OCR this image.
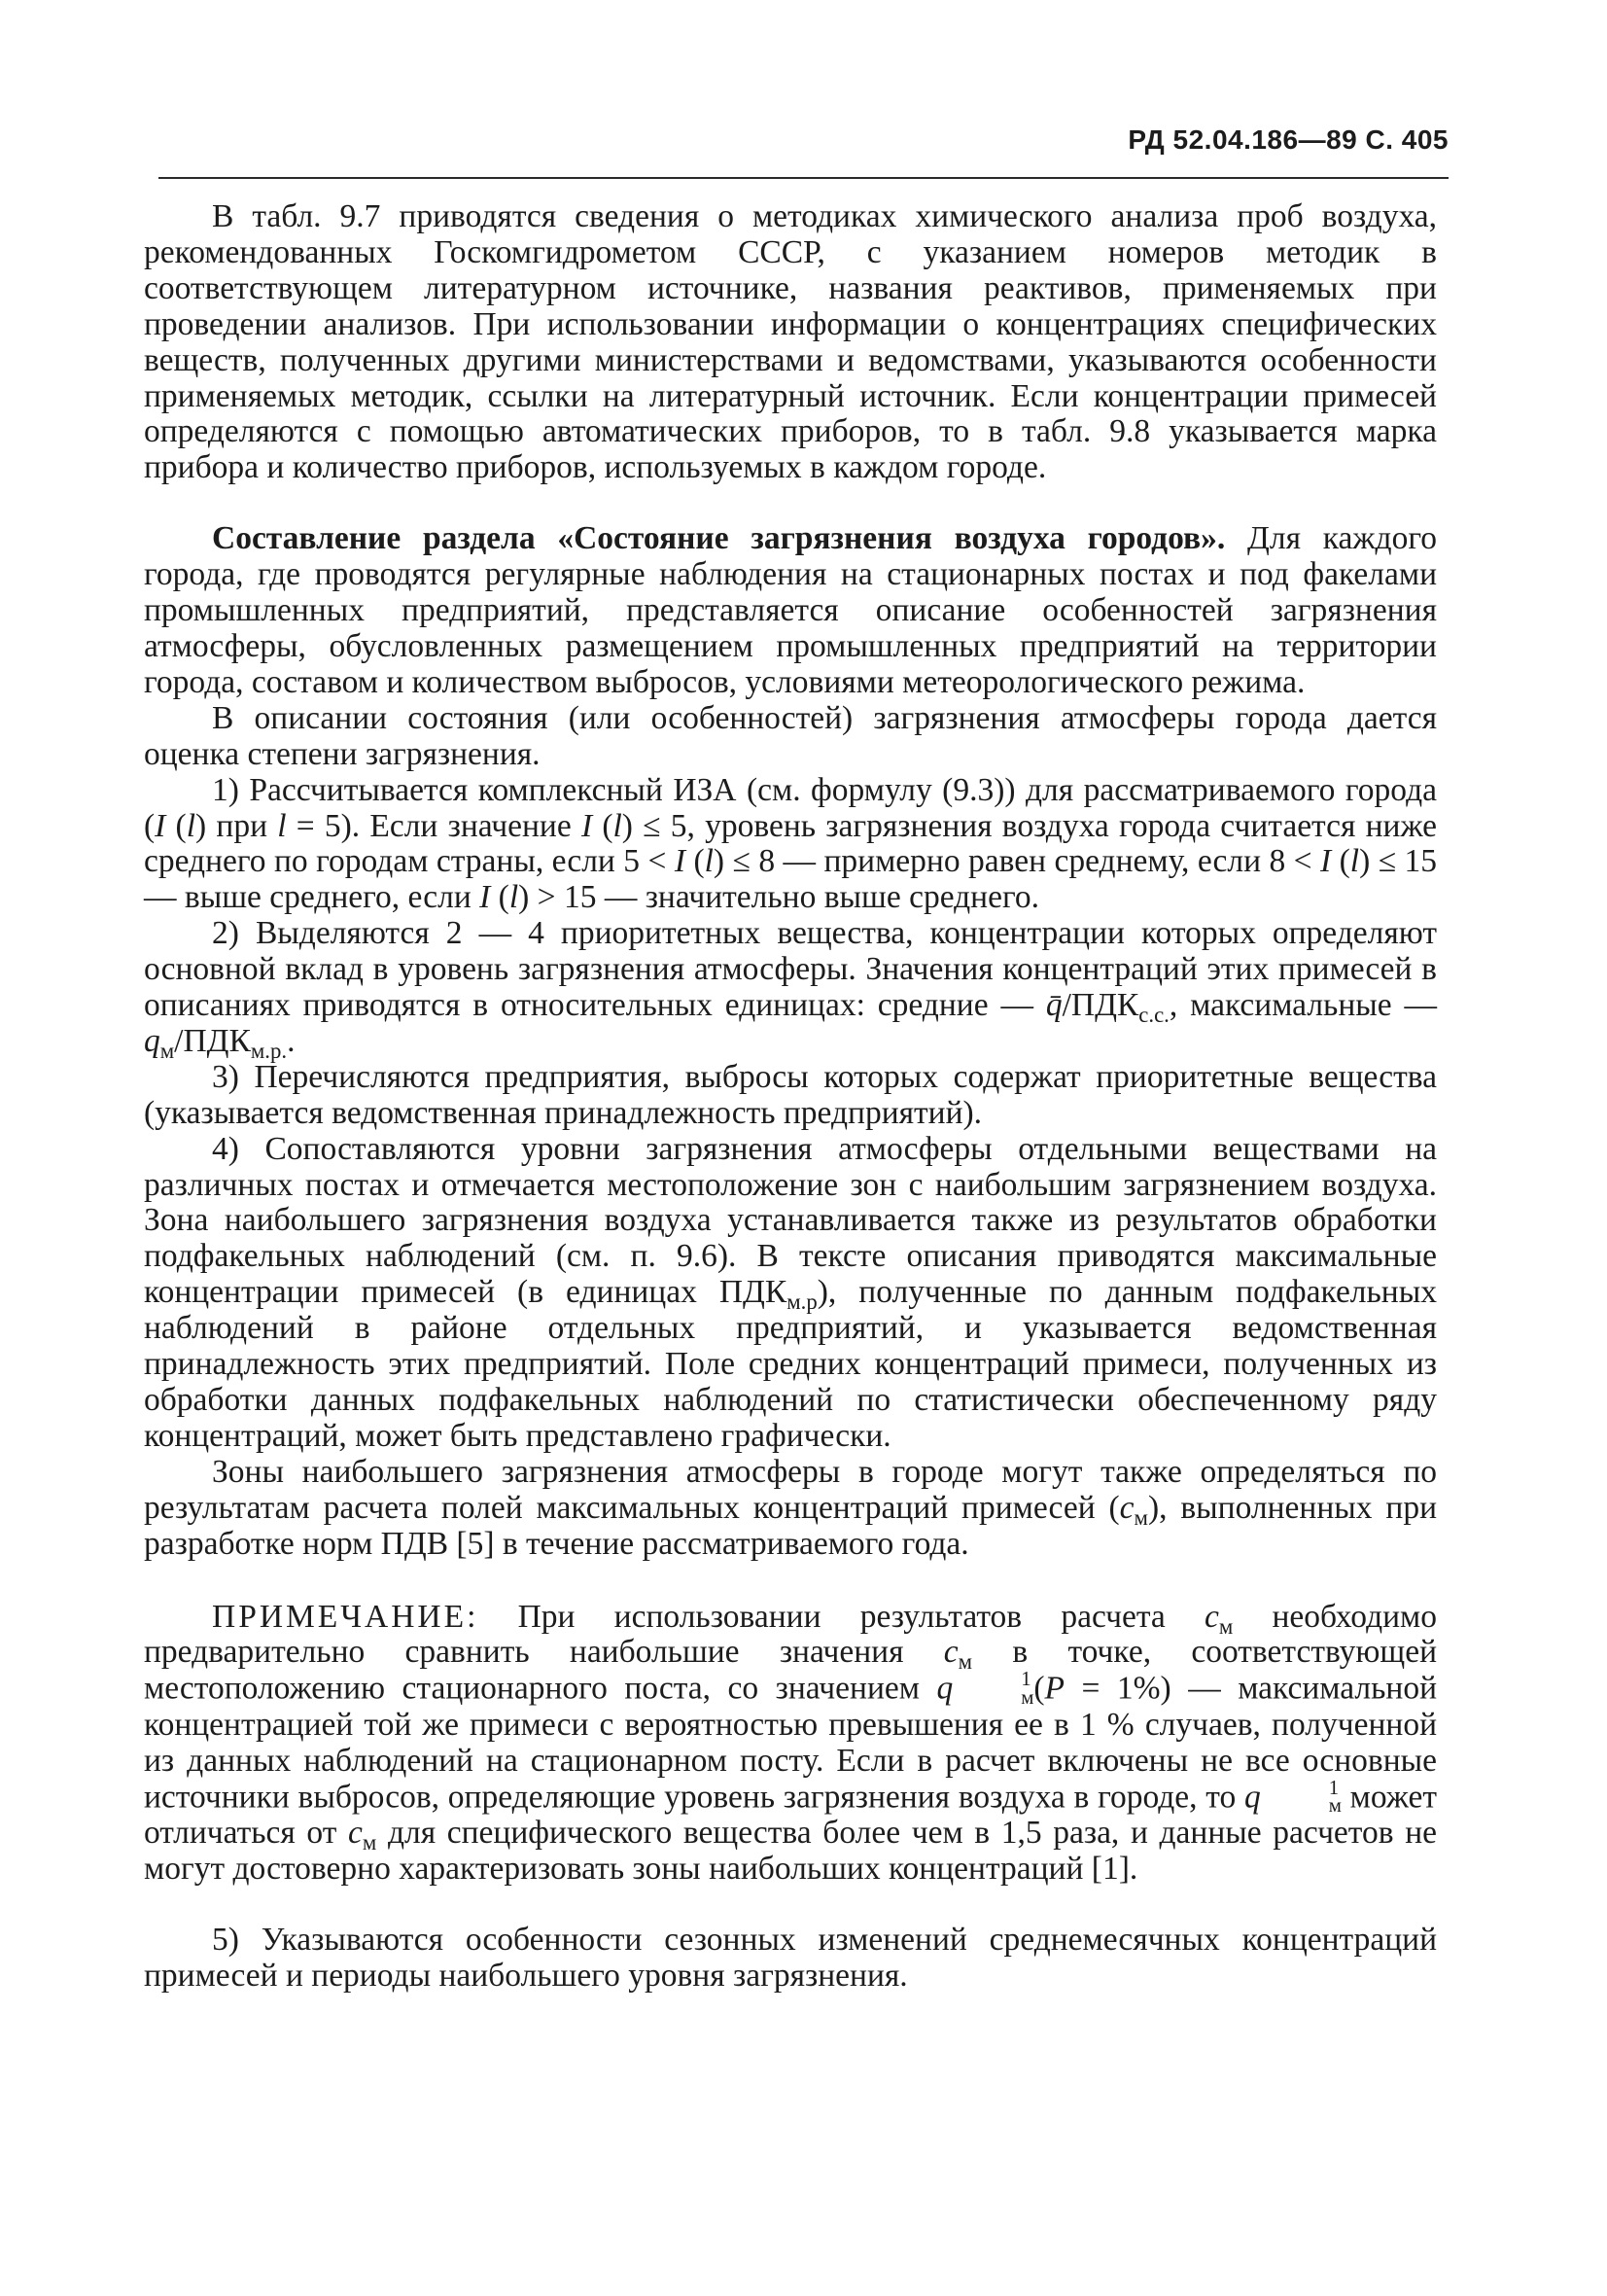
РД 52.04.186—89 С. 405

В табл. 9.7 приводятся сведения о методиках химического анализа проб воздуха, рекомендованных Госкомгидрометом СССР, с указанием номеров методик в соответствующем литературном источнике, названия реактивов, применяемых при проведении анализов. При использовании информации о концентрациях специфических веществ, полученных другими министерствами и ведомствами, указываются особенности применяемых методик, ссылки на литературный источник. Если концентрации примесей определяются с помощью автоматических приборов, то в табл. 9.8 указывается марка прибора и количество приборов, используемых в каждом городе.

Составление раздела «Состояние загрязнения воздуха городов». Для каждого города, где проводятся регулярные наблюдения на стационарных постах и под факелами промышленных предприятий, представляется описание особенностей загрязнения атмосферы, обусловленных размещением промышленных предприятий на территории города, составом и количеством выбросов, условиями метеорологического режима.

В описании состояния (или особенностей) загрязнения атмосферы города дается оценка степени загрязнения.

1) Рассчитывается комплексный ИЗА (см. формулу (9.3)) для рассматриваемого города (I (l) при l = 5). Если значение I (l) ≤ 5, уровень загрязнения воздуха города считается ниже среднего по городам страны, если 5 < I (l) ≤ 8 — примерно равен среднему, если 8 < I (l) ≤ 15 — выше среднего, если I (l) > 15 — значительно выше среднего.

2) Выделяются 2 — 4 приоритетных вещества, концентрации которых определяют основной вклад в уровень загрязнения атмосферы. Значения концентраций этих примесей в описаниях приводятся в относительных единицах: средние — $q̄/ПДК_{с.с.}$, максимальные — $q_м/ПДК_{м.р.}$.

3) Перечисляются предприятия, выбросы которых содержат приоритетные вещества (указывается ведомственная принадлежность предприятий).

4) Сопоставляются уровни загрязнения атмосферы отдельными веществами на различных постах и отмечается местоположение зон с наибольшим загрязнением воздуха. Зона наибольшего загрязнения воздуха устанавливается также из результатов обработки подфакельных наблюдений (см. п. 9.6). В тексте описания приводятся максимальные концентрации примесей (в единицах $ПДК_{м.р}$), полученные по данным подфакельных наблюдений в районе отдельных предприятий, и указывается ведомственная принадлежность этих предприятий. Поле средних концентраций примеси, полученных из обработки данных подфакельных наблюдений по статистически обеспеченному ряду концентраций, может быть представлено графически.

Зоны наибольшего загрязнения атмосферы в городе могут также определяться по результатам расчета полей максимальных концентраций примесей $(c_м)$, выполненных при разработке норм ПДВ [5] в течение рассматриваемого года.

ПРИМЕЧАНИЕ: При использовании результатов расчета $c_м$ необходимо предварительно сравнить наибольшие значения $c_м$ в точке, соответствующей местоположению стационарного поста, со значением q	1
м (P = 1%) — максимальной концентрацией той же примеси с вероятностью превышения ее в 1 % случаев, полученной из данных наблюдений на стационарном посту. Если в расчет включены не все основные источники выбросов, определяющие уровень загрязнения воздуха в городе, то q	1
м может отличаться от $c_м$ для специфического вещества более чем в 1,5 раза, и данные расчетов не могут достоверно характеризовать зоны наибольших концентраций [1].

5) Указываются особенности сезонных изменений среднемесячных концентраций примесей и периоды наибольшего уровня загрязнения.
